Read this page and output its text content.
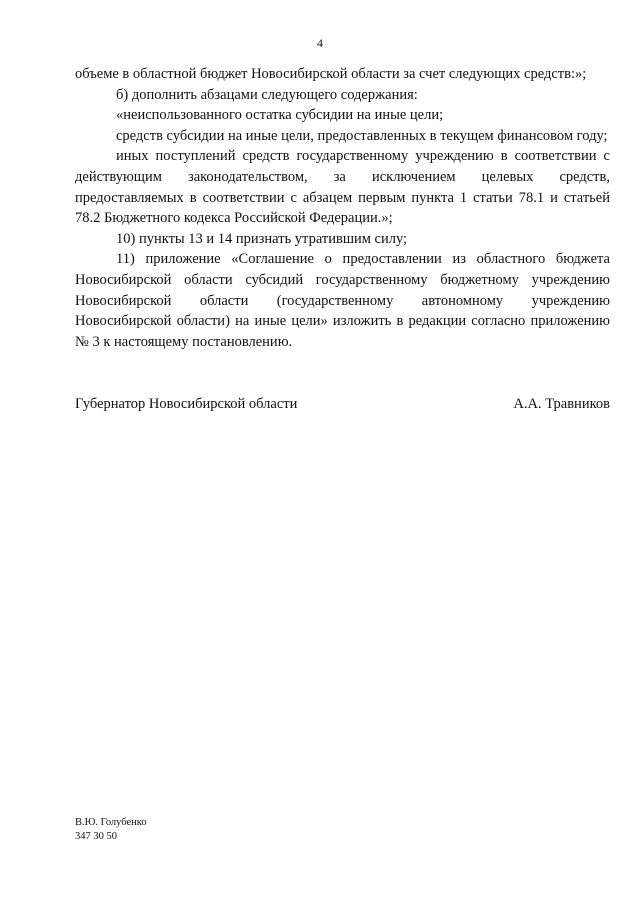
4

объеме в областной бюджет Новосибирской области за счет следующих средств:»;

б) дополнить абзацами следующего содержания:

«неиспользованного остатка субсидии на иные цели;

средств субсидии на иные цели, предоставленных в текущем финансовом году;

иных поступлений средств государственному учреждению в соответствии с действующим законодательством, за исключением целевых средств, предоставляемых в соответствии с абзацем первым пункта 1 статьи 78.1 и статьей 78.2 Бюджетного кодекса Российской Федерации.»;

10) пункты 13 и 14 признать утратившим силу;

11) приложение «Соглашение о предоставлении из областного бюджета Новосибирской области субсидий государственному бюджетному учреждению Новосибирской области (государственному автономному учреждению Новосибирской области) на иные цели» изложить в редакции согласно приложению № 3 к настоящему постановлению.

Губернатор Новосибирской области	А.А. Травников
В.Ю. Голубенко
347 30 50
